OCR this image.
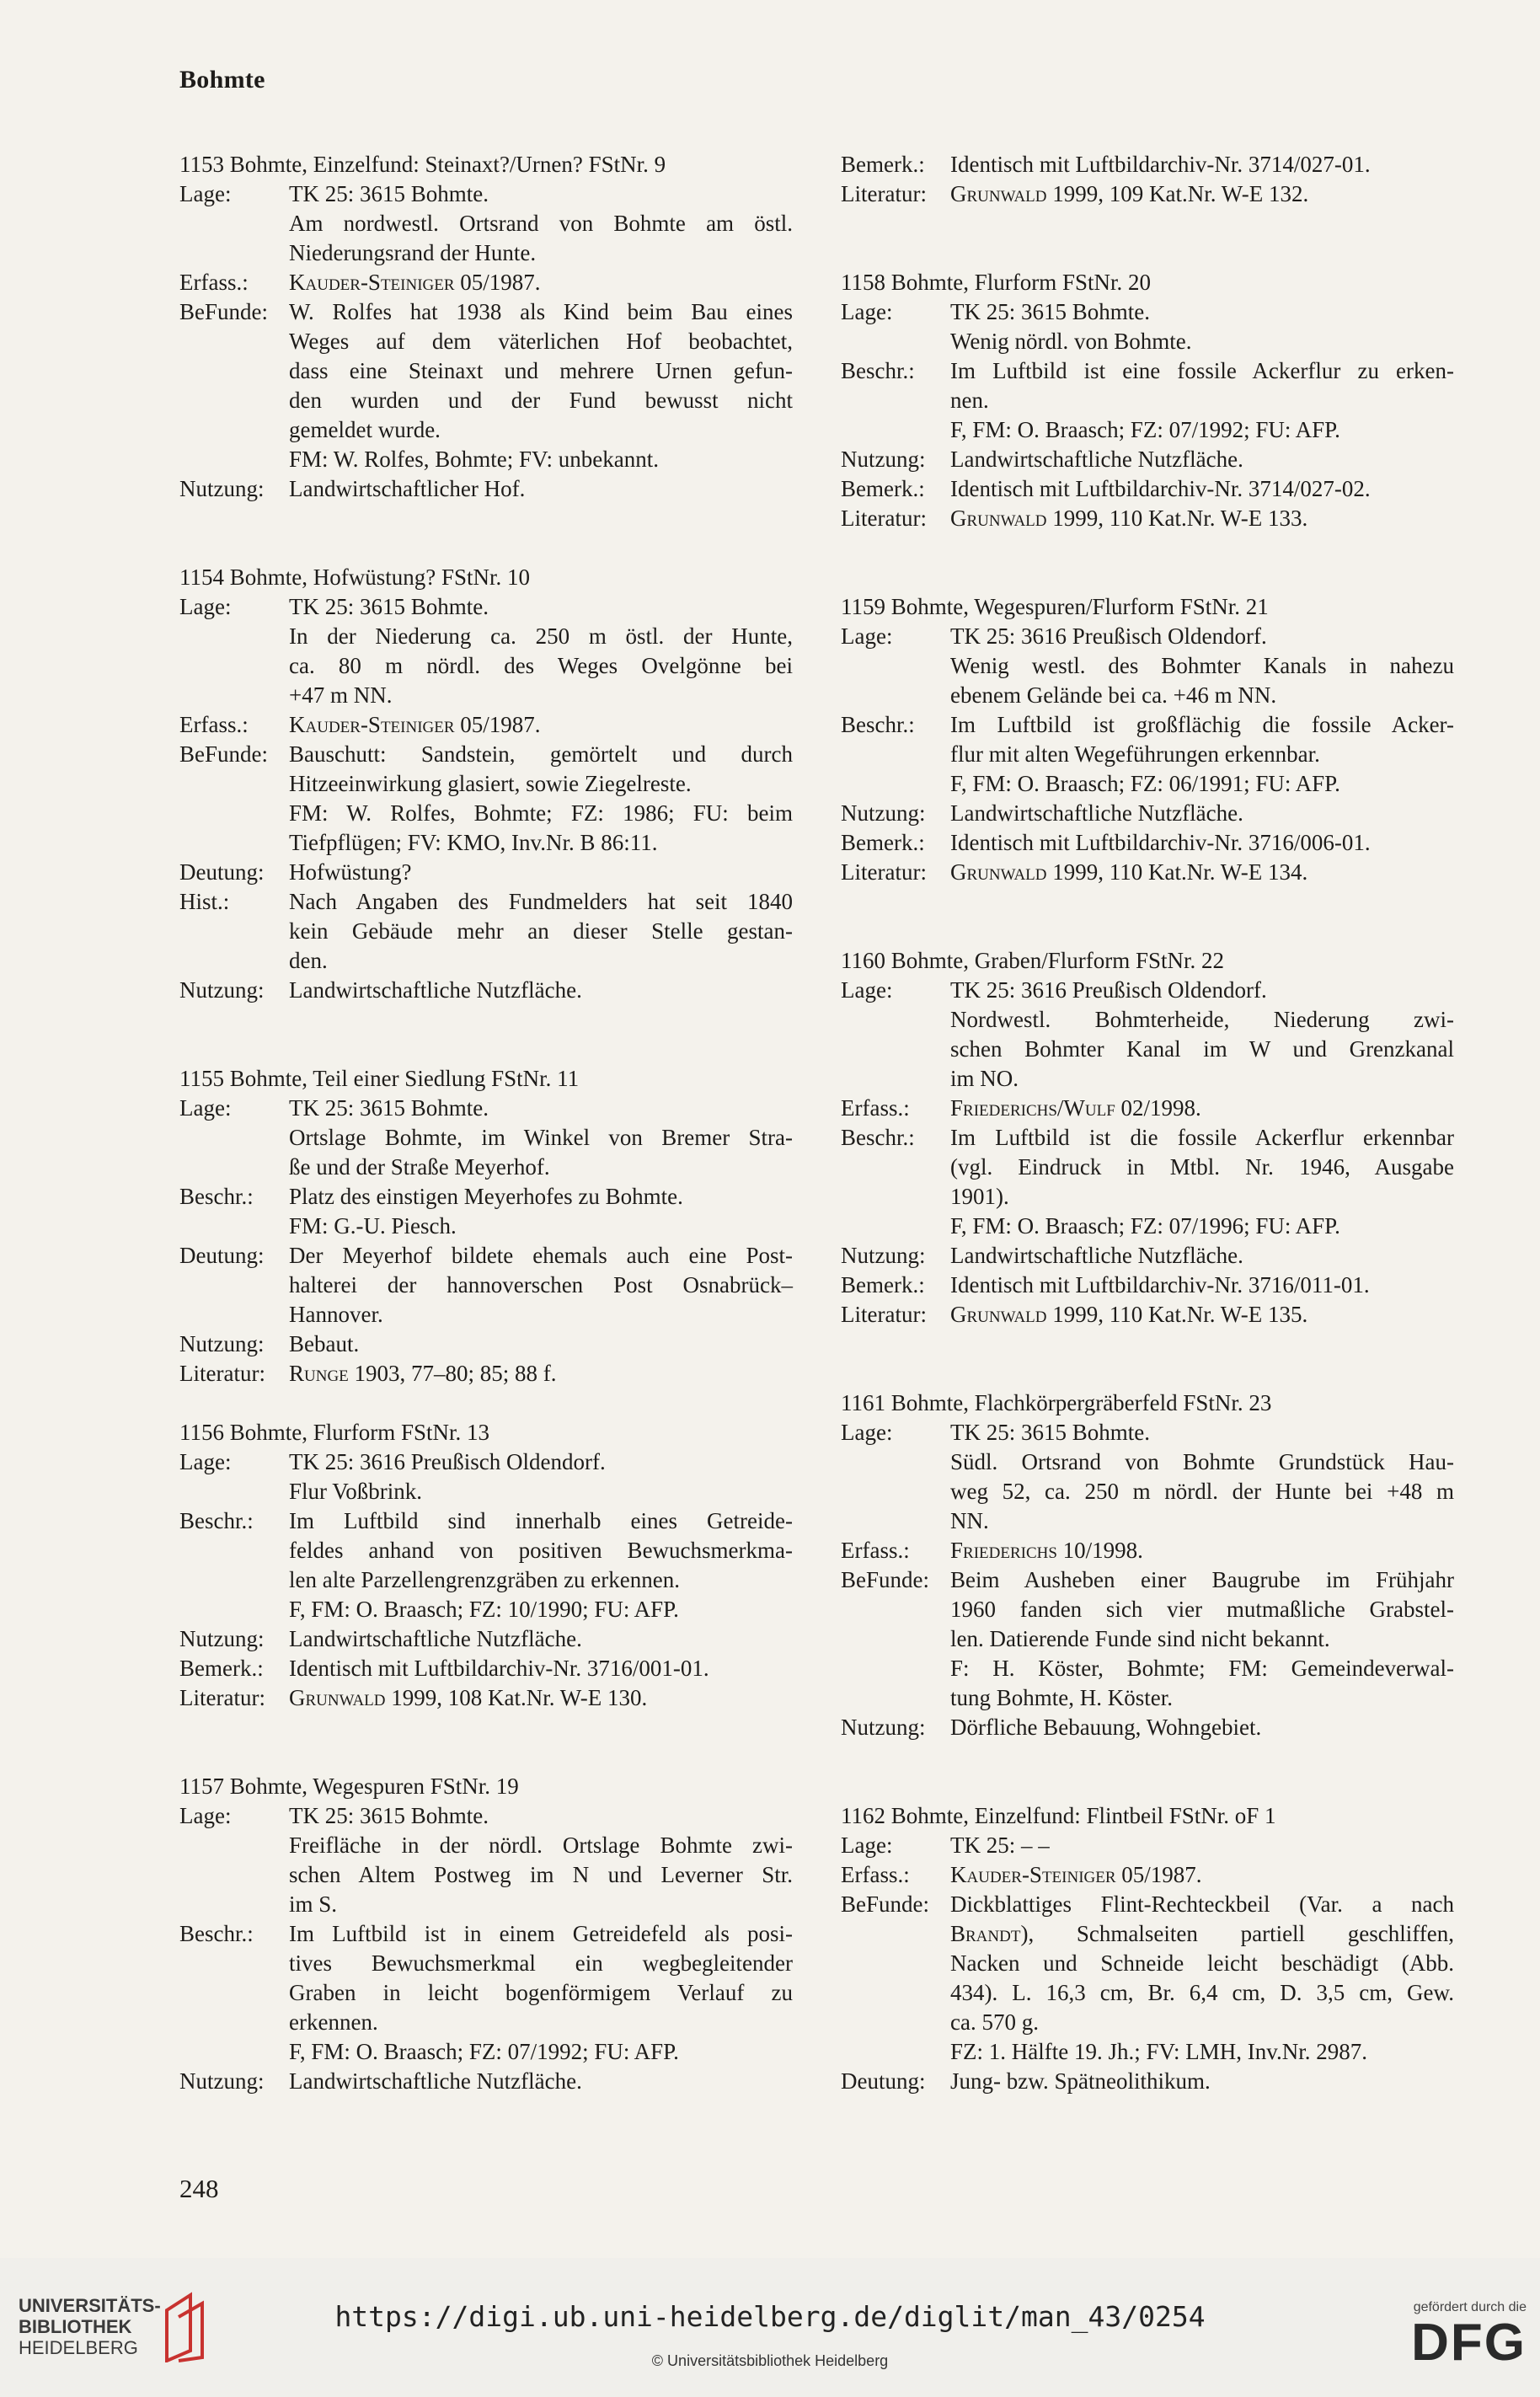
Bohmte
1153 Bohmte, Einzelfund: Steinaxt?/Urnen? FStNr. 9
Lage:	TK 25: 3615 Bohmte.
Am nordwestl. Ortsrand von Bohmte am östl.
Niederungsrand der Hunte.
Erfass.:	Kauder-Steiniger 05/1987.
BeFunde: W. Rolfes hat 1938 als Kind beim Bau eines
Weges auf dem väterlichen Hof beobachtet,
dass eine Steinaxt und mehrere Urnen gefun-
den wurden und der Fund bewusst nicht
gemeldet wurde.
FM: W. Rolfes, Bohmte; FV: unbekannt.
Nutzung:	Landwirtschaftlicher Hof.
1154 Bohmte, Hofwüstung? FStNr. 10
Lage:	TK 25: 3615 Bohmte.
In der Niederung ca. 250 m östl. der Hunte,
ca. 80 m nördl. des Weges Ovelgönne bei
+47 m NN.
Erfass.:	Kauder-Steiniger 05/1987.
BeFunde: Bauschutt: Sandstein, gemörtelt und durch
Hitzeeinwirkung glasiert, sowie Ziegelreste.
FM: W. Rolfes, Bohmte; FZ: 1986; FU: beim
Tiefpflügen; FV: KMO, Inv.Nr. B 86:11.
Deutung:	Hofwüstung?
Hist.:	Nach Angaben des Fundmelders hat seit 1840
kein Gebäude mehr an dieser Stelle gestan-
den.
Nutzung:	Landwirtschaftliche Nutzfläche.
1155 Bohmte, Teil einer Siedlung FStNr. 11
Lage:	TK 25: 3615 Bohmte.
Ortslage Bohmte, im Winkel von Bremer Stra-
ße und der Straße Meyerhof.
Beschr.:	Platz des einstigen Meyerhofes zu Bohmte.
FM: G.-U. Piesch.
Deutung:	Der Meyerhof bildete ehemals auch eine Post-
halterei der hannoverschen Post Osnabrück–
Hannover.
Nutzung:	Bebaut.
Literatur:	Runge 1903, 77–80; 85; 88 f.
1156 Bohmte, Flurform FStNr. 13
Lage:	TK 25: 3616 Preußisch Oldendorf.
Flur Voßbrink.
Beschr.:	Im Luftbild sind innerhalb eines Getreide-
feldes anhand von positiven Bewuchsmerkma-
len alte Parzellengrenzgräben zu erkennen.
F, FM: O. Braasch; FZ: 10/1990; FU: AFP.
Nutzung:	Landwirtschaftliche Nutzfläche.
Bemerk.:	Identisch mit Luftbildarchiv-Nr. 3716/001-01.
Literatur:	Grunwald 1999, 108 Kat.Nr. W-E 130.
1157 Bohmte, Wegespuren FStNr. 19
Lage:	TK 25: 3615 Bohmte.
Freifläche in der nördl. Ortslage Bohmte zwi-
schen Altem Postweg im N und Leverner Str.
im S.
Beschr.:	Im Luftbild ist in einem Getreidefeld als posi-
tives Bewuchsmerkmal ein wegbegleitender
Graben in leicht bogenförmigem Verlauf zu
erkennen.
F, FM: O. Braasch; FZ: 07/1992; FU: AFP.
Nutzung:	Landwirtschaftliche Nutzfläche.
Bemerk.:	Identisch mit Luftbildarchiv-Nr. 3714/027-01.
Literatur:	Grunwald 1999, 109 Kat.Nr. W-E 132.
1158 Bohmte, Flurform FStNr. 20
Lage:	TK 25: 3615 Bohmte.
Wenig nördl. von Bohmte.
Beschr.:	Im Luftbild ist eine fossile Ackerflur zu erken-
nen.
F, FM: O. Braasch; FZ: 07/1992; FU: AFP.
Nutzung:	Landwirtschaftliche Nutzfläche.
Bemerk.:	Identisch mit Luftbildarchiv-Nr. 3714/027-02.
Literatur:	Grunwald 1999, 110 Kat.Nr. W-E 133.
1159 Bohmte, Wegespuren/Flurform FStNr. 21
Lage:	TK 25: 3616 Preußisch Oldendorf.
Wenig westl. des Bohmter Kanals in nahezu
ebenem Gelände bei ca. +46 m NN.
Beschr.:	Im Luftbild ist großflächig die fossile Acker-
flur mit alten Wegeführungen erkennbar.
F, FM: O. Braasch; FZ: 06/1991; FU: AFP.
Nutzung:	Landwirtschaftliche Nutzfläche.
Bemerk.:	Identisch mit Luftbildarchiv-Nr. 3716/006-01.
Literatur:	Grunwald 1999, 110 Kat.Nr. W-E 134.
1160 Bohmte, Graben/Flurform FStNr. 22
Lage:	TK 25: 3616 Preußisch Oldendorf.
Nordwestl. Bohmterheide, Niederung zwi-
schen Bohmter Kanal im W und Grenzkanal
im NO.
Erfass.:	Friederichs/Wulf 02/1998.
Beschr.:	Im Luftbild ist die fossile Ackerflur erkennbar
(vgl. Eindruck in Mtbl. Nr. 1946, Ausgabe
1901).
F, FM: O. Braasch; FZ: 07/1996; FU: AFP.
Nutzung:	Landwirtschaftliche Nutzfläche.
Bemerk.:	Identisch mit Luftbildarchiv-Nr. 3716/011-01.
Literatur:	Grunwald 1999, 110 Kat.Nr. W-E 135.
1161 Bohmte, Flachkörpergräberfeld FStNr. 23
Lage:	TK 25: 3615 Bohmte.
Südl. Ortsrand von Bohmte Grundstück Hau-
weg 52, ca. 250 m nördl. der Hunte bei +48 m
NN.
Erfass.:	Friederichs 10/1998.
BeFunde: Beim Ausheben einer Baugrube im Frühjahr
1960 fanden sich vier mutmaßliche Grabstel-
len. Datierende Funde sind nicht bekannt.
F: H. Köster, Bohmte; FM: Gemeindeverwal-
tung Bohmte, H. Köster.
Nutzung:	Dörfliche Bebauung, Wohngebiet.
1162 Bohmte, Einzelfund: Flintbeil FStNr. oF 1
Lage:	TK 25: – –
Erfass.:	Kauder-Steiniger 05/1987.
BeFunde: Dickblattiges Flint-Rechteckbeil (Var. a nach
Brandt), Schmalseiten partiell geschliffen,
Nacken und Schneide leicht beschädigt (Abb.
434). L. 16,3 cm, Br. 6,4 cm, D. 3,5 cm, Gew.
ca. 570 g.
FZ: 1. Hälfte 19. Jh.; FV: LMH, Inv.Nr. 2987.
Deutung:	Jung- bzw. Spätneolithikum.
248
UNIVERSITÄTS-
BIBLIOTHEK
HEIDELBERG
https://digi.ub.uni-heidelberg.de/diglit/man_43/0254
© Universitätsbibliothek Heidelberg
gefördert durch die
DFG
